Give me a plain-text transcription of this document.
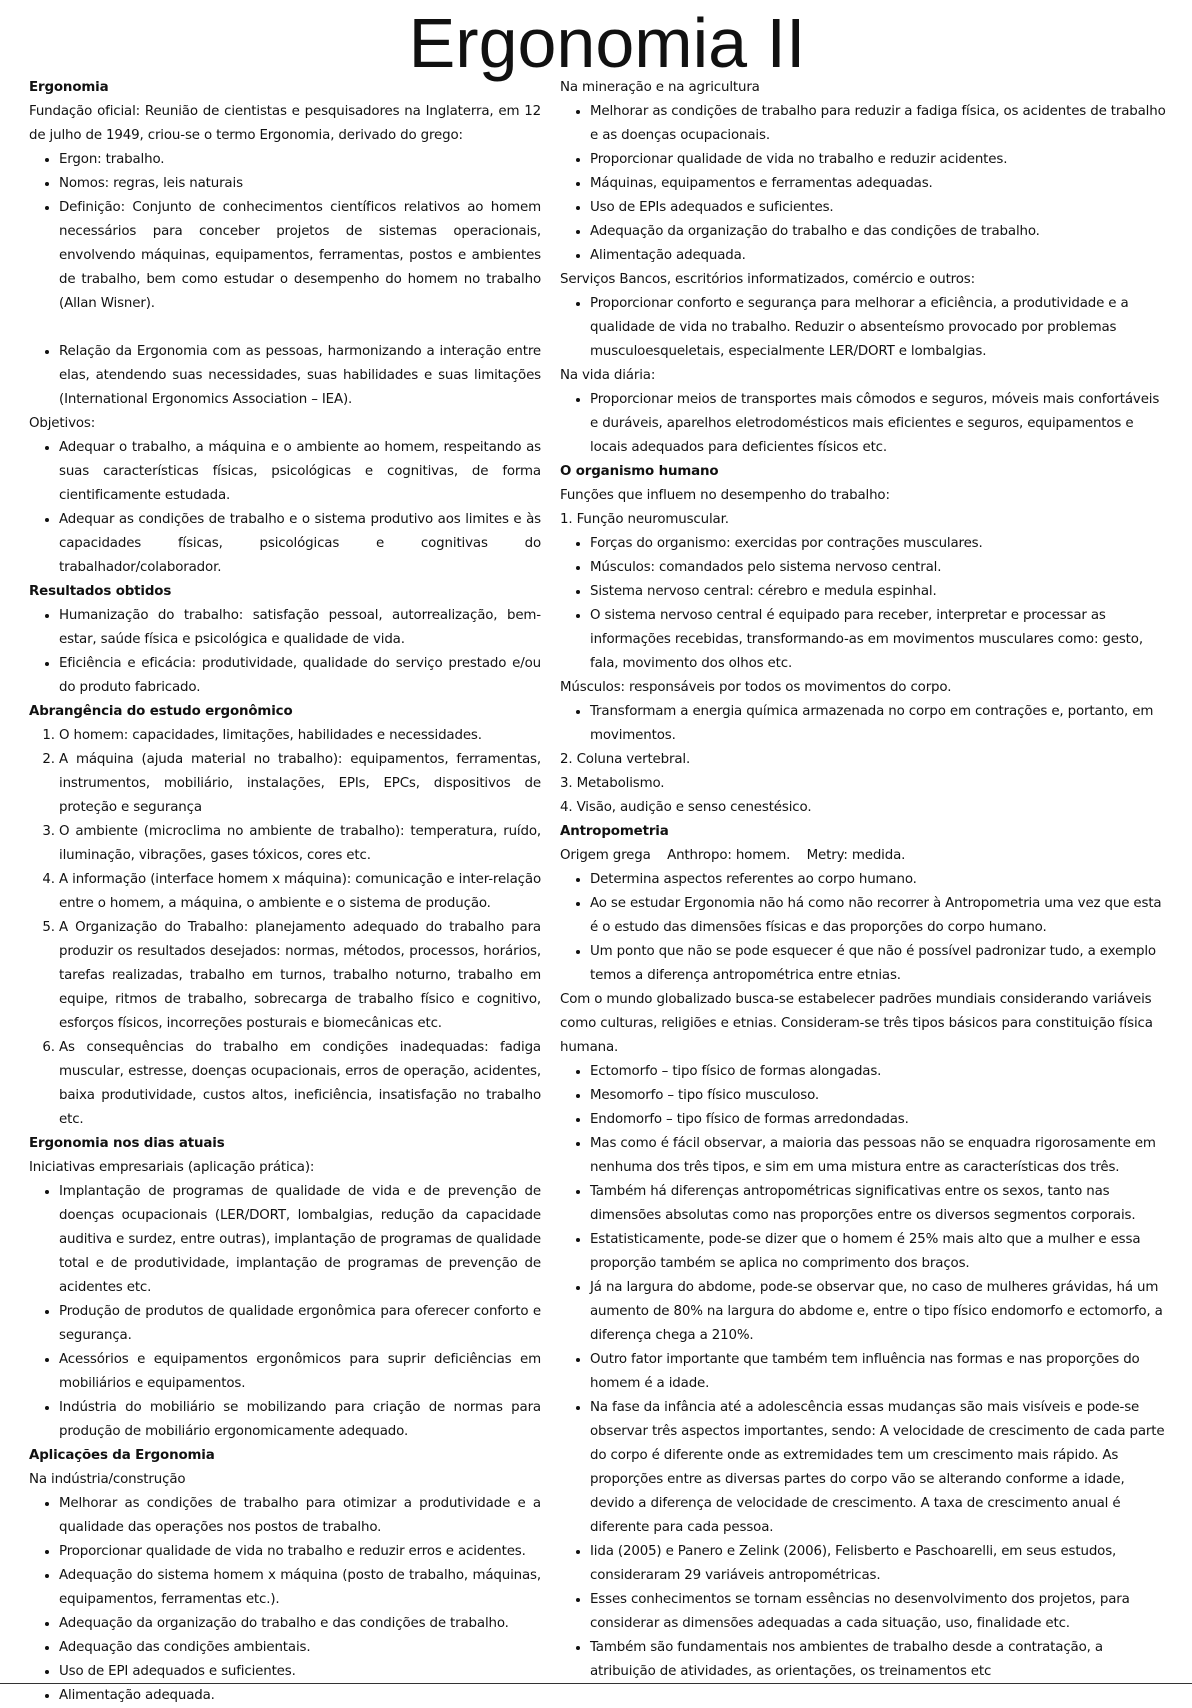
Ergonomia II
Ergonomia

Fundação oficial: Reunião de cientistas e pesquisadores na Inglaterra, em 12 de julho de 1949, criou-se o termo Ergonomia, derivado do grego:

• Ergon: trabalho.
• Nomos: regras, leis naturais
• Definição: Conjunto de conhecimentos científicos relativos ao homem necessários para conceber projetos de sistemas operacionais, envolvendo máquinas, equipamentos, ferramentas, postos e ambientes de trabalho, bem como estudar o desempenho do homem no trabalho (Allan Wisner).
• Relação da Ergonomia com as pessoas, harmonizando a interação entre elas, atendendo suas necessidades, suas habilidades e suas limitações (International Ergonomics Association – IEA).

Objetivos:

• Adequar o trabalho, a máquina e o ambiente ao homem, respeitando as suas características físicas, psicológicas e cognitivas, de forma cientificamente estudada.
• Adequar as condições de trabalho e o sistema produtivo aos limites e às capacidades físicas, psicológicas e cognitivas do trabalhador/colaborador.
Resultados obtidos
• Humanização do trabalho: satisfação pessoal, autorrealização, bem-estar, saúde física e psicológica e qualidade de vida.
• Eficiência e eficácia: produtividade, qualidade do serviço prestado e/ou do produto fabricado.
Abrangência do estudo ergonômico
1. O homem: capacidades, limitações, habilidades e necessidades.
2. A máquina (ajuda material no trabalho): equipamentos, ferramentas, instrumentos, mobiliário, instalações, EPIs, EPCs, dispositivos de proteção e segurança
3. O ambiente (microclima no ambiente de trabalho): temperatura, ruído, iluminação, vibrações, gases tóxicos, cores etc.
4. A informação (interface homem x máquina): comunicação e inter-relação entre o homem, a máquina, o ambiente e o sistema de produção.
5. A Organização do Trabalho: planejamento adequado do trabalho para produzir os resultados desejados: normas, métodos, processos, horários, tarefas realizadas, trabalho em turnos, trabalho noturno, trabalho em equipe, ritmos de trabalho, sobrecarga de trabalho físico e cognitivo, esforços físicos, incorreções posturais e biomecânicas etc.
6. As consequências do trabalho em condições inadequadas: fadiga muscular, estresse, doenças ocupacionais, erros de operação, acidentes, baixa produtividade, custos altos, ineficiência, insatisfação no trabalho etc.
Ergonomia nos dias atuais

Iniciativas empresariais (aplicação prática):

• Implantação de programas de qualidade de vida e de prevenção de doenças ocupacionais (LER/DORT, lombalgias, redução da capacidade auditiva e surdez, entre outras), implantação de programas de qualidade total e de produtividade, implantação de programas de prevenção de acidentes etc.
• Produção de produtos de qualidade ergonômica para oferecer conforto e segurança.
• Acessórios e equipamentos ergonômicos para suprir deficiências em mobiliários e equipamentos.
• Indústria do mobiliário se mobilizando para criação de normas para produção de mobiliário ergonomicamente adequado.
Aplicações da Ergonomia

Na indústria/construção

• Melhorar as condições de trabalho para otimizar a produtividade e a qualidade das operações nos postos de trabalho.
• Proporcionar qualidade de vida no trabalho e reduzir erros e acidentes.
• Adequação do sistema homem x máquina (posto de trabalho, máquinas, equipamentos, ferramentas etc.).
• Adequação da organização do trabalho e das condições de trabalho.
• Adequação das condições ambientais.
• Uso de EPI adequados e suficientes.
• Alimentação adequada.

Na mineração e na agricultura

• Melhorar as condições de trabalho para reduzir a fadiga física, os acidentes de trabalho e as doenças ocupacionais.
• Proporcionar qualidade de vida no trabalho e reduzir acidentes.
• Máquinas, equipamentos e ferramentas adequadas.
• Uso de EPIs adequados e suficientes.
• Adequação da organização do trabalho e das condições de trabalho.
• Alimentação adequada.

Serviços Bancos, escritórios informatizados, comércio e outros:

• Proporcionar conforto e segurança para melhorar a eficiência, a produtividade e a qualidade de vida no trabalho. Reduzir o absenteísmo provocado por problemas musculoesqueletais, especialmente LER/DORT e lombalgias.

Na vida diária:

• Proporcionar meios de transportes mais cômodos e seguros, móveis mais confortáveis e duráveis, aparelhos eletrodomésticos mais eficientes e seguros, equipamentos e locais adequados para deficientes físicos etc.
O organismo humano

Funções que influem no desempenho do trabalho:

1. Função neuromuscular.

• Forças do organismo: exercidas por contrações musculares.
• Músculos: comandados pelo sistema nervoso central.
• Sistema nervoso central: cérebro e medula espinhal.
• O sistema nervoso central é equipado para receber, interpretar e processar as informações recebidas, transformando-as em movimentos musculares como: gesto, fala, movimento dos olhos etc.

Músculos: responsáveis por todos os movimentos do corpo.

• Transformam a energia química armazenada no corpo em contrações e, portanto, em movimentos.

2. Coluna vertebral.

3. Metabolismo.

4. Visão, audição e senso cenestésico.

Antropometria

Origem grega    Anthropo: homem.    Metry: medida.

• Determina aspectos referentes ao corpo humano.
• Ao se estudar Ergonomia não há como não recorrer à Antropometria uma vez que esta é o estudo das dimensões físicas e das proporções do corpo humano.
• Um ponto que não se pode esquecer é que não é possível padronizar tudo, a exemplo temos a diferença antropométrica entre etnias.

Com o mundo globalizado busca-se estabelecer padrões mundiais considerando variáveis como culturas, religiões e etnias. Consideram-se três tipos básicos para constituição física humana.

• Ectomorfo – tipo físico de formas alongadas.
• Mesomorfo – tipo físico musculoso.
• Endomorfo – tipo físico de formas arredondadas.
• Mas como é fácil observar, a maioria das pessoas não se enquadra rigorosamente em nenhuma dos três tipos, e sim em uma mistura entre as características dos três.
• Também há diferenças antropométricas significativas entre os sexos, tanto nas dimensões absolutas como nas proporções entre os diversos segmentos corporais.
• Estatisticamente, pode-se dizer que o homem é 25% mais alto que a mulher e essa proporção também se aplica no comprimento dos braços.
• Já na largura do abdome, pode-se observar que, no caso de mulheres grávidas, há um aumento de 80% na largura do abdome e, entre o tipo físico endomorfo e ectomorfo, a diferença chega a 210%.
• Outro fator importante que também tem influência nas formas e nas proporções do homem é a idade.
• Na fase da infância até a adolescência essas mudanças são mais visíveis e pode-se observar três aspectos importantes, sendo: A velocidade de crescimento de cada parte do corpo é diferente onde as extremidades tem um crescimento mais rápido. As proporções entre as diversas partes do corpo vão se alterando conforme a idade, devido a diferença de velocidade de crescimento. A taxa de crescimento anual é diferente para cada pessoa.
• Iida (2005) e Panero e Zelink (2006), Felisberto e Paschoarelli, em seus estudos, consideraram 29 variáveis antropométricas.
• Esses conhecimentos se tornam essências no desenvolvimento dos projetos, para considerar as dimensões adequadas a cada situação, uso, finalidade etc.
• Também são fundamentais nos ambientes de trabalho desde a contratação, a atribuição de atividades, as orientações, os treinamentos etc
